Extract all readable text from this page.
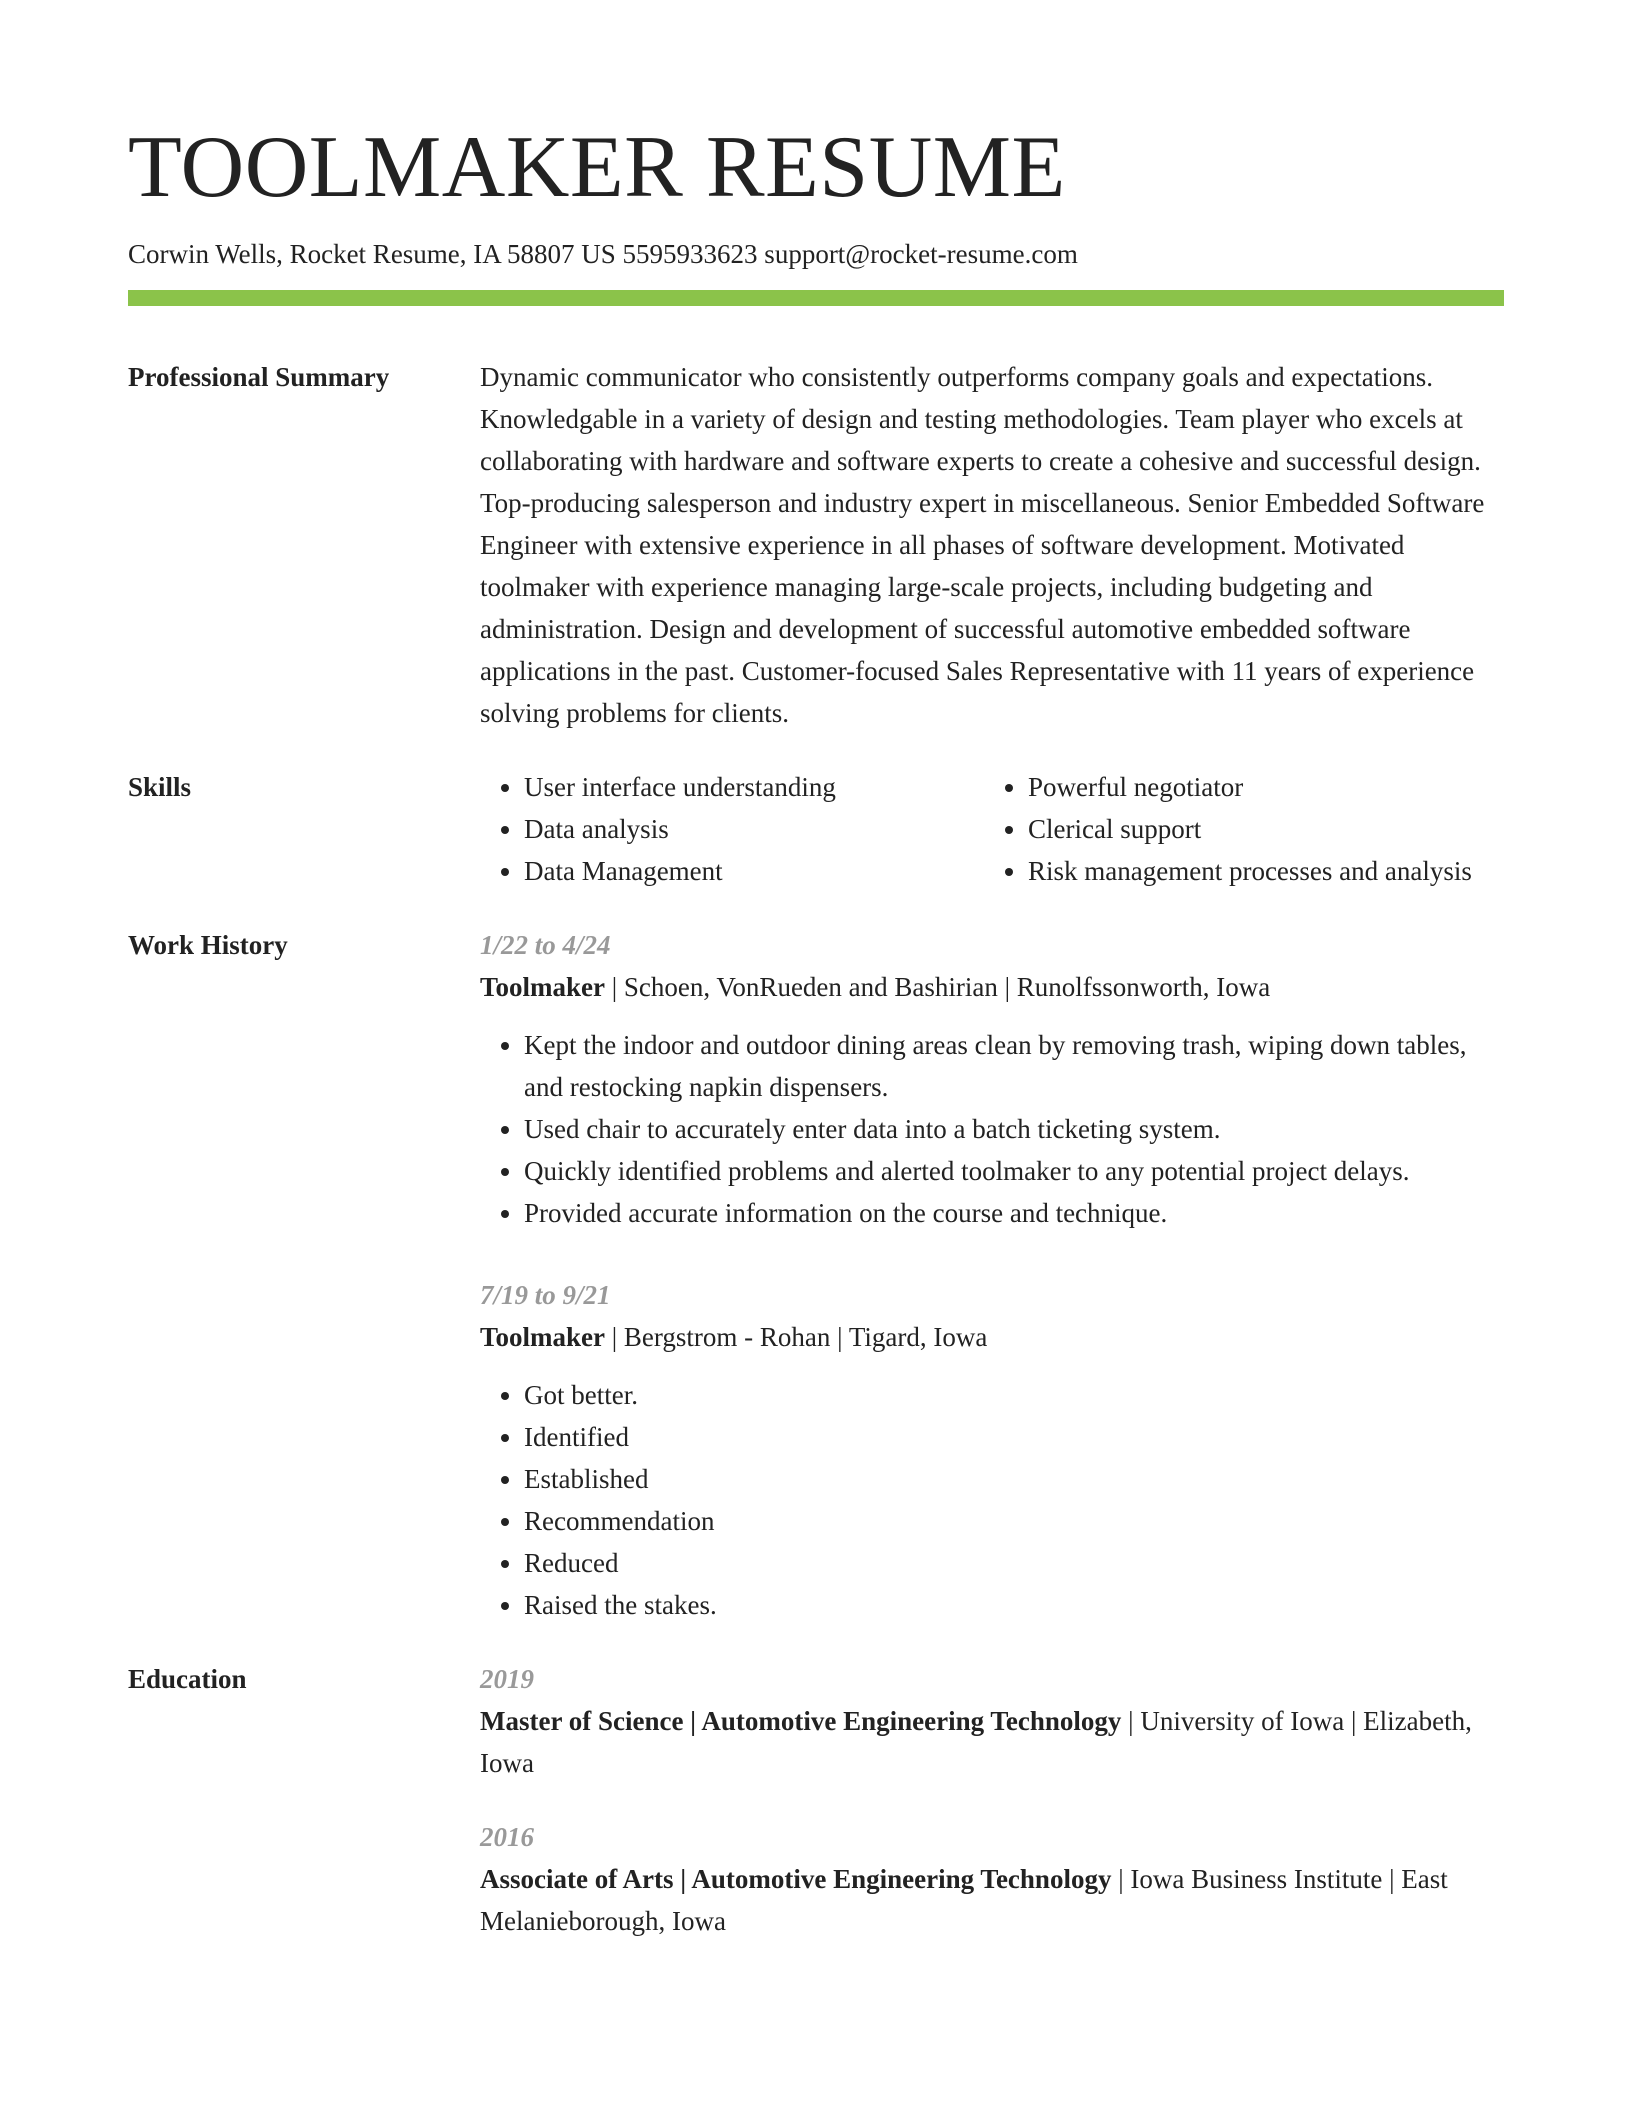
TOOLMAKER RESUME
Corwin Wells, Rocket Resume, IA 58807 US 5595933623 support@rocket-resume.com
Professional Summary	Dynamic communicator who consistently outperforms company goals and expectations. Knowledgable in a variety of design and testing methodologies. Team player who excels at collaborating with hardware and software experts to create a cohesive and successful design. Top-producing salesperson and industry expert in miscellaneous. Senior Embedded Software Engineer with extensive experience in all phases of software development. Motivated toolmaker with experience managing large-scale projects, including budgeting and administration. Design and development of successful automotive embedded software applications in the past. Customer-focused Sales Representative with 11 years of experience solving problems for clients.
Skills
•	User interface understanding
• Data analysis
• Data Management
• Powerful negotiator
• Clerical support
• Risk management processes and analysis
Work History	1/22 to 4/24
Toolmaker | Schoen, VonRueden and Bashirian | Runolfssonworth, Iowa
• Kept the indoor and outdoor dining areas clean by removing trash, wiping down tables, and restocking napkin dispensers.
• Used chair to accurately enter data into a batch ticketing system.
• Quickly identified problems and alerted toolmaker to any potential project delays.
• Provided accurate information on the course and technique.
7/19 to 9/21
Toolmaker | Bergstrom - Rohan | Tigard, Iowa
• Got better.
• Identified
• Established
• Recommendation
• Reduced
• Raised the stakes.
Education	2019
Master of Science | Automotive Engineering Technology | University of Iowa | Elizabeth, Iowa
2016
Associate of Arts | Automotive Engineering Technology | Iowa Business Institute | East Melanieborough, Iowa
